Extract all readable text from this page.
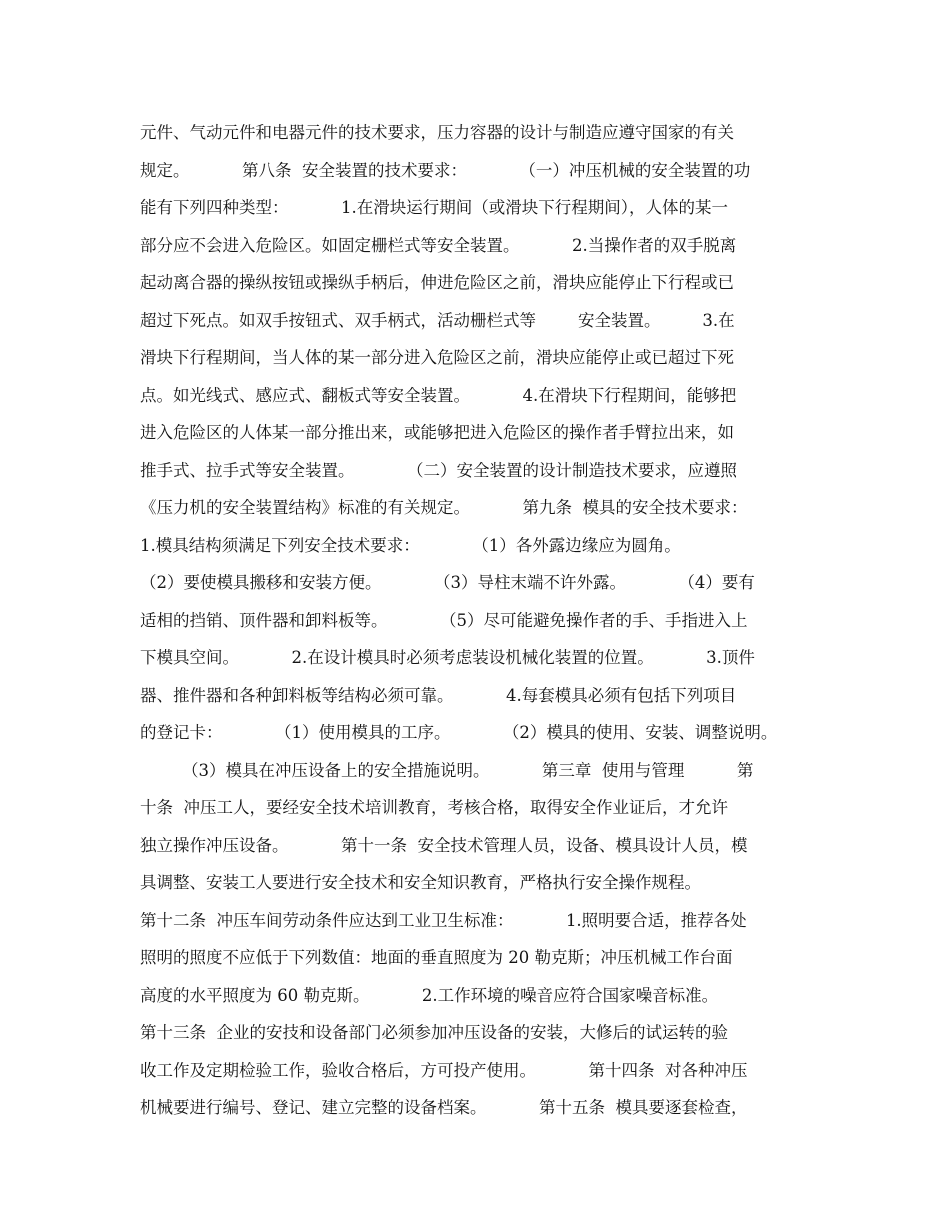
元件、气动元件和电器元件的技术要求，压力容器的设计与制造应遵守国家的有关
规定。          第八条  安全装置的技术要求：          （一）冲压机械的安全装置的功
能有下列四种类型：          1.在滑块运行期间（或滑块下行程期间），人体的某一
部分应不会进入危险区。如固定栅栏式等安全装置。          2.当操作者的双手脱离
起动离合器的操纵按钮或操纵手柄后，伸进危险区之前，滑块应能停止下行程或已
超过下死点。如双手按钮式、双手柄式，活动栅栏式等        安全装置。        3.在
滑块下行程期间，当人体的某一部分进入危险区之前，滑块应能停止或已超过下死
点。如光线式、感应式、翻板式等安全装置。          4.在滑块下行程期间，能够把
进入危险区的人体某一部分推出来，或能够把进入危险区的操作者手臂拉出来，如
推手式、拉手式等安全装置。          （二）安全装置的设计制造技术要求，应遵照
《压力机的安全装置结构》标准的有关规定。          第九条  模具的安全技术要求：
1.模具结构须满足下列安全技术要求：          （1）各外露边缘应为圆角。
（2）要使模具搬移和安装方便。          （3）导柱末端不许外露。          （4）要有
适相的挡销、顶件器和卸料板等。          （5）尽可能避免操作者的手、手指进入上
下模具空间。          2.在设计模具时必须考虑装设机械化装置的位置。          3.顶件
器、推件器和各种卸料板等结构必须可靠。          4.每套模具必须有包括下列项目
的登记卡：          （1）使用模具的工序。          （2）模具的使用、安装、调整说明。
（3）模具在冲压设备上的安全措施说明。          第三章  使用与管理          第
十条  冲压工人，要经安全技术培训教育，考核合格，取得安全作业证后，才允许
独立操作冲压设备。          第十一条  安全技术管理人员，设备、模具设计人员，模
具调整、安装工人要进行安全技术和安全知识教育，严格执行安全操作规程。
第十二条  冲压车间劳动条件应达到工业卫生标准：          1.照明要合适，推荐各处
照明的照度不应低于下列数值：地面的垂直照度为 20 勒克斯；冲压机械工作台面
高度的水平照度为 60 勒克斯。          2.工作环境的噪音应符合国家噪音标准。
第十三条  企业的安技和设备部门必须参加冲压设备的安装，大修后的试运转的验
收工作及定期检验工作，验收合格后，方可投产使用。          第十四条  对各种冲压
机械要进行编号、登记、建立完整的设备档案。          第十五条  模具要逐套检查，
